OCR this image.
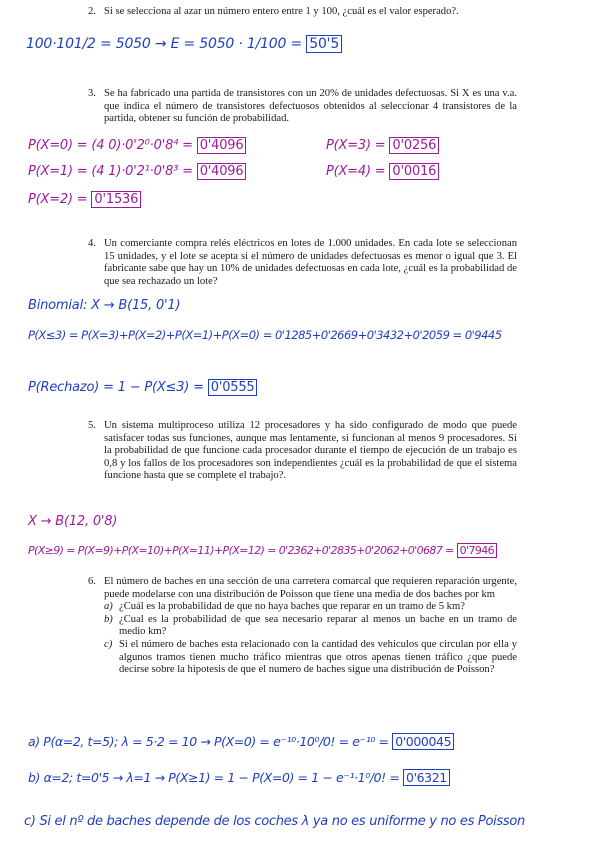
2. Si se selecciona al azar un número entero entre 1 y 100, ¿cuál es el valor esperado?.
100·101/2 = 5050 → E = 5050 · 1/100 = 50'5
3. Se ha fabricado una partida de transistores con un 20% de unidades defectuosas. Si X es una v.a. que indica el número de transistores defectuosos obtenidos al seleccionar 4 transistores de la partida, obtener su función de probabilidad.
P(X=0) = (4 0)·0'2⁰·0'8⁴ = 0'4096
P(X=1) = (4 1)·0'2¹·0'8³ = 0'4096
P(X=2) = 0'1536
P(X=3) = 0'0256
P(X=4) = 0'0016
4. Un comerciante compra relés eléctricos en lotes de 1.000 unidades. En cada lote se seleccionan 15 unidades, y el lote se acepta si el número de unidades defectuosas es menor o igual que 3. El fabricante sabe que hay un 10% de unidades defectuosas en cada lote, ¿cuál es la probabilidad de que sea rechazado un lote?
Binomial: X → B(15, 0'1)
P(X≤3) = P(X=3)+P(X=2)+P(X=1)+P(X=0) = 0'1285+0'2669+0'3432+0'2059 = 0'9445
P(Rechazo) = 1 − P(X≤3) = 0'0555
5. Un sistema multiproceso utiliza 12 procesadores y ha sido configurado de modo que puede satisfacer todas sus funciones, aunque mas lentamente, si funcionan al menos 9 procesadores. Si la probabilidad de que funcione cada procesador durante el tiempo de ejecución de un trabajo es 0,8 y los fallos de los procesadores son independientes ¿cuál es la probabilidad de que el sistema funcione hasta que se complete el trabajo?.
X → B(12, 0'8)
P(X≥9) = P(X=9)+P(X=10)+P(X=11)+P(X=12) = 0'2362+0'2835+0'2062+0'0687 = 0'7946
6. El número de baches en una sección de una carretera comarcal que requieren reparación urgente, puede modelarse con una distribución de Poisson que tiene una media de dos baches por km
a) ¿Cuál es la probabilidad de que no haya baches que reparar en un tramo de 5 km?
b) ¿Cual es la probabilidad de que sea necesario reparar al menos un bache en un tramo de medio km?
c) Si el número de baches esta relacionado con la cantidad des vehiculos que circulan por ella y algunos tramos tienen mucho tráfico mientras que otros apenas tienen tráfico ¿que puede decirse sobre la hipotesis de que el numero de baches sigue una distribución de Poisson?
a) P(α=2, t=5); λ = 5·2 = 10 → P(X=0) = e⁻¹⁰·10⁰/0! = e⁻¹⁰ = 0'000045
b) α=2; t=0'5 → λ=1 → P(X≥1) = 1 − P(X=0) = 1 − e⁻¹·1⁰/0! = 0'6321
c) Si el nº de baches depende de los coches λ ya no es uniforme y no es Poisson
